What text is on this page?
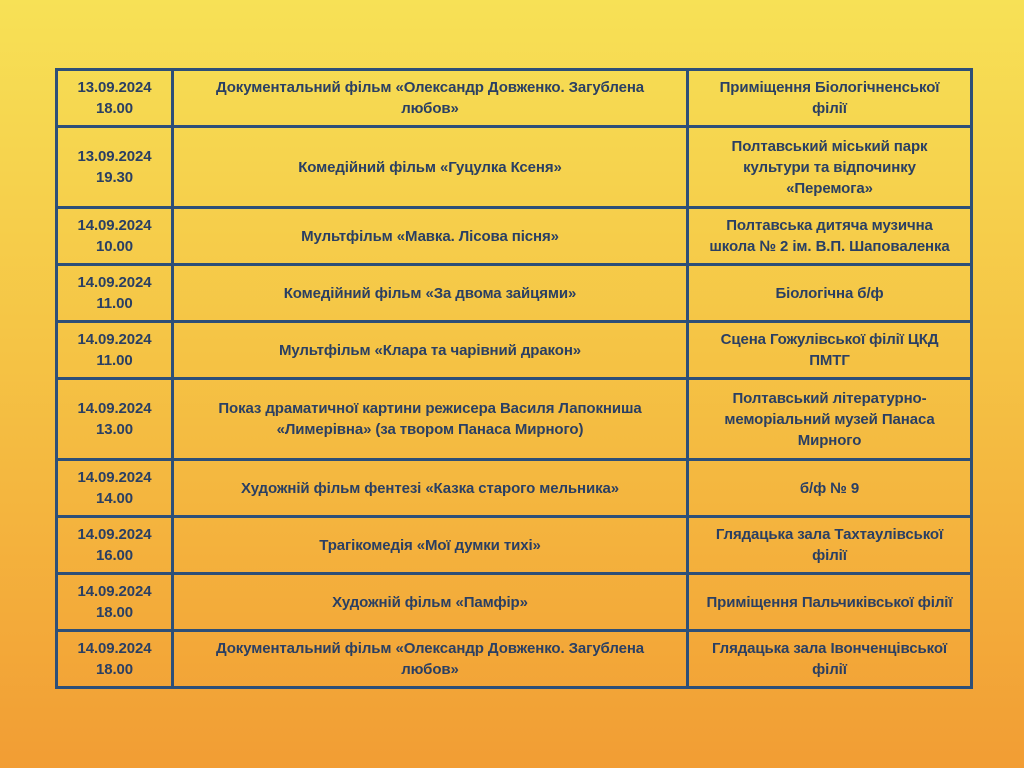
13.09.2024
18.00	Документальний фільм «Олександр Довженко. Загублена
любов»	Приміщення Біологічненської
філії

13.09.2024
19.30	Комедійний фільм «Гуцулка Ксеня»	Полтавський міський парк
культури та відпочинку
«Перемога»

14.09.2024
10.00	Мультфільм «Мавка. Лісова пісня»	Полтавська дитяча музична
школа № 2 ім. В.П. Шаповаленка

14.09.2024
11.00	Комедійний фільм «За двома зайцями»	Біологічна б/ф

14.09.2024
11.00	Мультфільм «Клара та чарівний дракон»	Сцена Гожулівської філії ЦКД
ПМТГ

14.09.2024
13.00	Показ драматичної картини режисера Василя Лапокниша
«Лимерівна» (за твором Панаса Мирного)	Полтавський літературно-
меморіальний музей Панаса
Мирного

14.09.2024
14.00	Художній фільм фентезі «Казка старого мельника»	б/ф № 9

14.09.2024
16.00	Трагікомедія «Мої думки тихі»	Глядацька зала Тахтаулівської
філії

14.09.2024
18.00	Художній фільм «Памфір»	Приміщення Пальчиківської філії

14.09.2024
18.00	Документальний фільм «Олександр Довженко. Загублена
любов»	Глядацька зала Івонченцівської
філії
